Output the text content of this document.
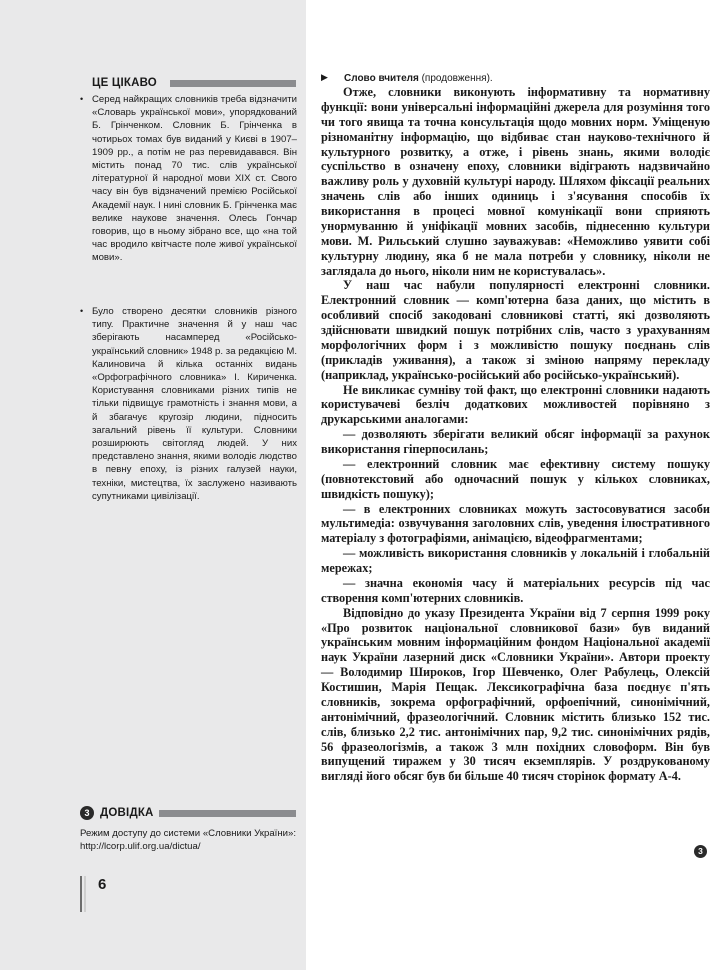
ЦЕ ЦІКАВО
• Серед найкращих словників треба відзначити «Словарь української мови», упорядкований Б. Грінченком. Словник Б. Грінченка в чотирьох томах був виданий у Києві в 1907–1909 рр., а потім не раз перевидавався. Він містить понад 70 тис. слів української літературної й народної мови XIX ст. Свого часу він був відзначений премією Російської Академії наук. І нині словник Б. Грінченка має велике наукове значення. Олесь Гончар говорив, що в ньому зібрано все, що «на той час вродило квітчасте поле живої української мови».
• Було створено десятки словників різного типу. Практичне значення й у наш час зберігають насамперед «Російсько-український словник» 1948 р. за редакцією М. Калиновича й кілька останніх видань «Орфографічного словника» І. Кириченка. Користування словниками різних типів не тільки підвищує грамотність і знання мови, а й збагачує кругозір людини, підносить загальний рівень її культури. Словники розширюють світогляд людей. У них представлено знання, якими володіє людство в певну епоху, із різних галузей науки, техніки, мистецтва, їх заслужено називають супутниками цивілізації.
3 ДОВІДКА
Режим доступу до системи «Словники України»: http://lcorp.ulif.org.ua/dictua/
6
▶ Слово вчителя (продовження).

Отже, словники виконують інформативну та нормативну функції: вони універсальні інформаційні джерела для розуміння того чи того явища та точна консультація щодо мовних норм. Уміщеную різноманітну інформацію, що відбиває стан науково-технічного й культурного розвитку, а отже, і рівень знань, якими володіє суспільство в означену епоху, словники відіграють надзвичайно важливу роль у духовній культурі народу. Шляхом фіксації реальних значень слів або інших одиниць і з'ясування способів їх використання в процесі мовної комунікації вони сприяють унормуванню й уніфікації мовних засобів, піднесенню культури мови. М. Рильський слушно зауважував: «Неможливо уявити собі культурну людину, яка б не мала потреби у словнику, ніколи не заглядала до нього, ніколи ним не користувалась».

У наш час набули популярності електронні словники. Електронний словник — комп'ютерна база даних, що містить в особливий спосіб закодовані словникові статті, які дозволяють здійснювати швидкий пошук потрібних слів, часто з урахуванням морфологічних форм і з можливістю пошуку поєднань слів (прикладів уживання), а також зі зміною напряму перекладу (наприклад, українсько-російський або російсько-український).

Не викликає сумніву той факт, що електронні словники надають користувачеві безліч додаткових можливостей порівняно з друкарськими аналогами:

— дозволяють зберігати великий обсяг інформації за рахунок використання гіперпосилань;

— електронний словник має ефективну систему пошуку (повнотекстовий або одночасний пошук у кількох словниках, швидкість пошуку);

— в електронних словниках можуть застосовуватися засоби мультимедіа: озвучування заголовних слів, уведення ілюстративного матеріалу з фотографіями, анімацією, відеофрагментами;

— можливість використання словників у локальній і глобальній мережах;

— значна економія часу й матеріальних ресурсів під час створення комп'ютерних словників.

Відповідно до указу Президента України від 7 серпня 1999 року «Про розвиток національної словникової бази» був виданий українським мовним інформаційним фондом Національної академії наук України лазерний диск «Словники України». Автори проекту — Володимир Широков, Ігор Шевченко, Олег Рабулець, Олексій Костишин, Марія Пещак. Лексикографічна база поєднує п'ять словників, зокрема орфографічний, орфоепічний, синонімічний, антонімічний, фразеологічний. Словник містить близько 152 тис. слів, близько 2,2 тис. антонімічних пар, 9,2 тис. синонімічних рядів, 56 фразеологізмів, а також 3 млн похідних словоформ. Він був випущений тиражем у 30 тисяч екземплярів. У роздрукованому вигляді його обсяг був би більше 40 тисяч сторінок формату А-4.

3
